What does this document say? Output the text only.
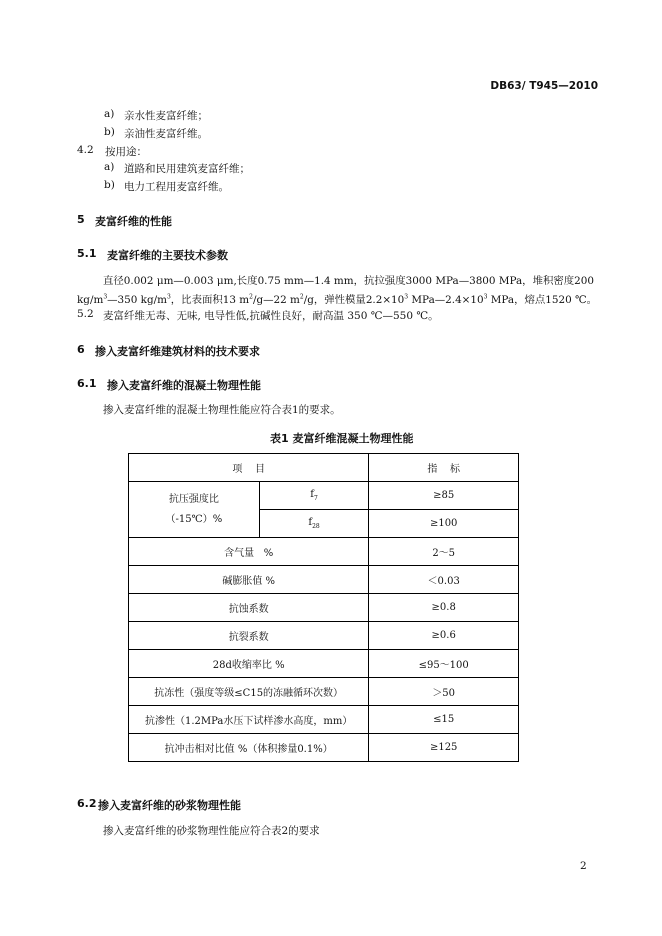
DB63/ T945—2010
a) 亲水性麦富纤维；
b) 亲油性麦富纤维。
4.2 按用途：
a) 道路和民用建筑麦富纤维；
b) 电力工程用麦富纤维。
5 麦富纤维的性能
5.1 麦富纤维的主要技术参数
直径0.002 μm—0.003 μm,长度0.75 mm—1.4 mm，抗拉强度3000 MPa—3800 MPa，堆积密度200
$kg/m^3—350$ $kg/m^3$，比表面积13 $m^2/g—22$ $m^2/g$，弹性模量$2.2\times 10^3$ $MPa—2.4\times 10^3$ MPa，熔点1520 ℃。
5.2 麦富纤维无毒、无味, 电导性低,抗碱性良好，耐高温 350 ℃—550 ℃。
6 掺入麦富纤维建筑材料的技术要求
6.1 掺入麦富纤维的混凝土物理性能
掺入麦富纤维的混凝土物理性能应符合表1的要求。
表1 麦富纤维混凝土物理性能
项    目		指    标

抗压强度比
（-15℃）%	$f_7$	≥85
	$f_{28}$	≥100
含气量   %		2～5
碱膨胀值 %		＜0.03
抗蚀系数		≥0.8
抗裂系数		≥0.6
28d收缩率比 %		≤95～100
抗冻性（强度等级≤C15的冻融循环次数）		＞50
抗渗性（1.2MPa水压下试样渗水高度，mm）		≤15
抗冲击相对比值 %（体积掺量0.1%）		≥125
6.2 掺入麦富纤维的砂浆物理性能
掺入麦富纤维的砂浆物理性能应符合表2的要求
2
